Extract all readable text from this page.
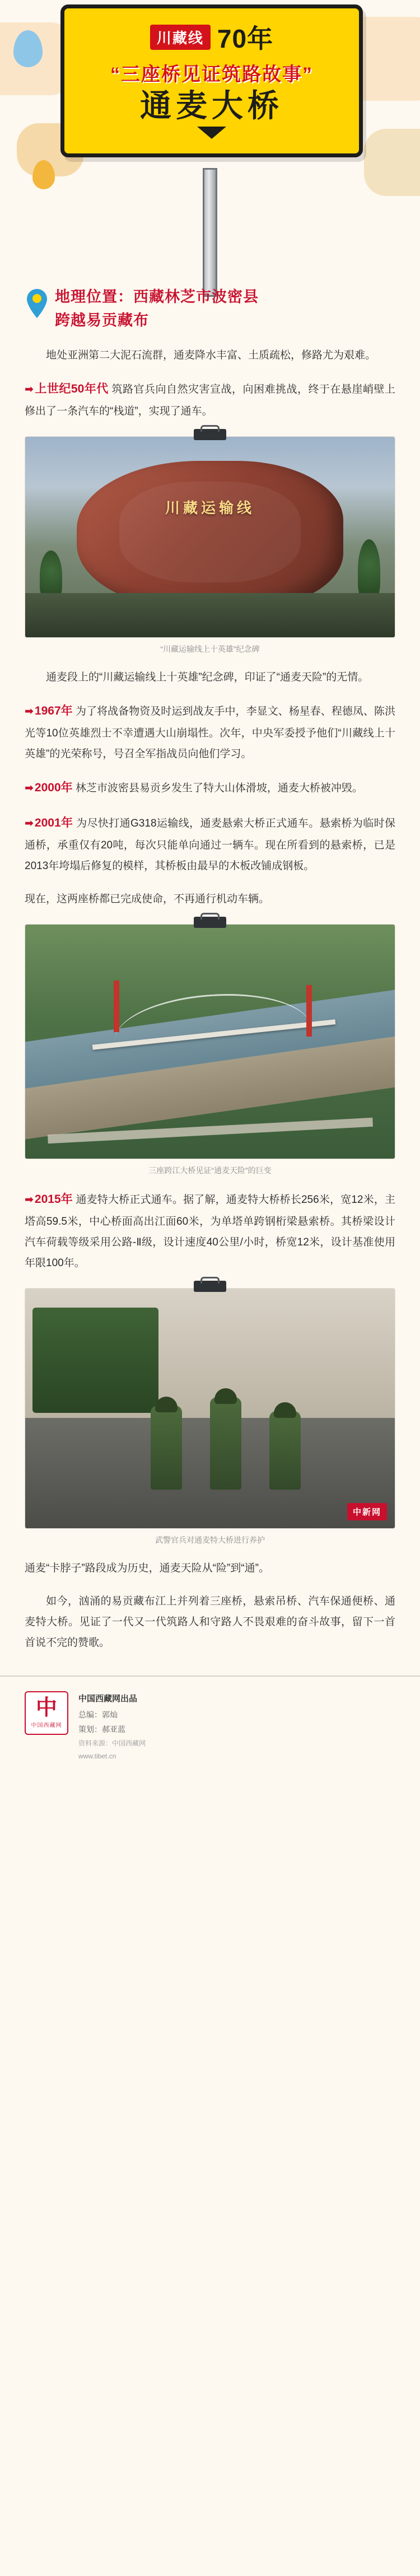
川藏线 70年
“三座桥见证筑路故事”
通麦大桥
地理位置：西藏林芝市波密县
跨越易贡藏布

地处亚洲第二大泥石流群，通麦降水丰富、土质疏松，修路尤为艰难。

➡上世纪50年代 筑路官兵向自然灾害宣战，向困难挑战，终于在悬崖峭壁上修出了一条汽车的“栈道”，实现了通车。

川藏运输线
“川藏运输线上十英雄”纪念碑

通麦段上的“川藏运输线上十英雄”纪念碑，印证了“通麦天险”的无情。

➡1967年 为了将战备物资及时运到战友手中，李显文、杨星春、程德凤、陈洪光等10位英雄烈士不幸遭遇大山崩塌性。次年，中央军委授予他们“川藏线上十英雄”的光荣称号，号召全军指战员向他们学习。

➡2000年 林芝市波密县易贡乡发生了特大山体滑坡，通麦大桥被冲毁。

➡2001年 为尽快打通G318运输线，通麦悬索大桥正式通车。悬索桥为临时保通桥，承重仅有20吨，每次只能单向通过一辆车。现在所看到的悬索桥，已是2013年垮塌后修复的模样，其桥板由最早的木板改铺成钢板。

现在，这两座桥都已完成使命，不再通行机动车辆。

三座跨江大桥见证“通麦天险”的巨变

➡2015年 通麦特大桥正式通车。据了解，通麦特大桥桥长256米，宽12米，主塔高59.5米，中心桥面高出江面60米，为单塔单跨钢桁梁悬索桥。其桥梁设计汽车荷载等级采用公路-Ⅱ级，设计速度40公里/小时，桥宽12米，设计基准使用年限100年。

中新网
武警官兵对通麦特大桥进行养护

通麦“卡脖子”路段成为历史，通麦天险从“险”到“通”。

如今，汹涌的易贡藏布江上并列着三座桥，悬索吊桥、汽车保通便桥、通麦特大桥。见证了一代又一代筑路人和守路人不畏艰难的奋斗故事，留下一首首说不完的赞歌。

中
中国西藏网
中国西藏网出品
总编：郭灿
策划：郝亚蓝
资料来源：中国西藏网
www.tibet.cn
